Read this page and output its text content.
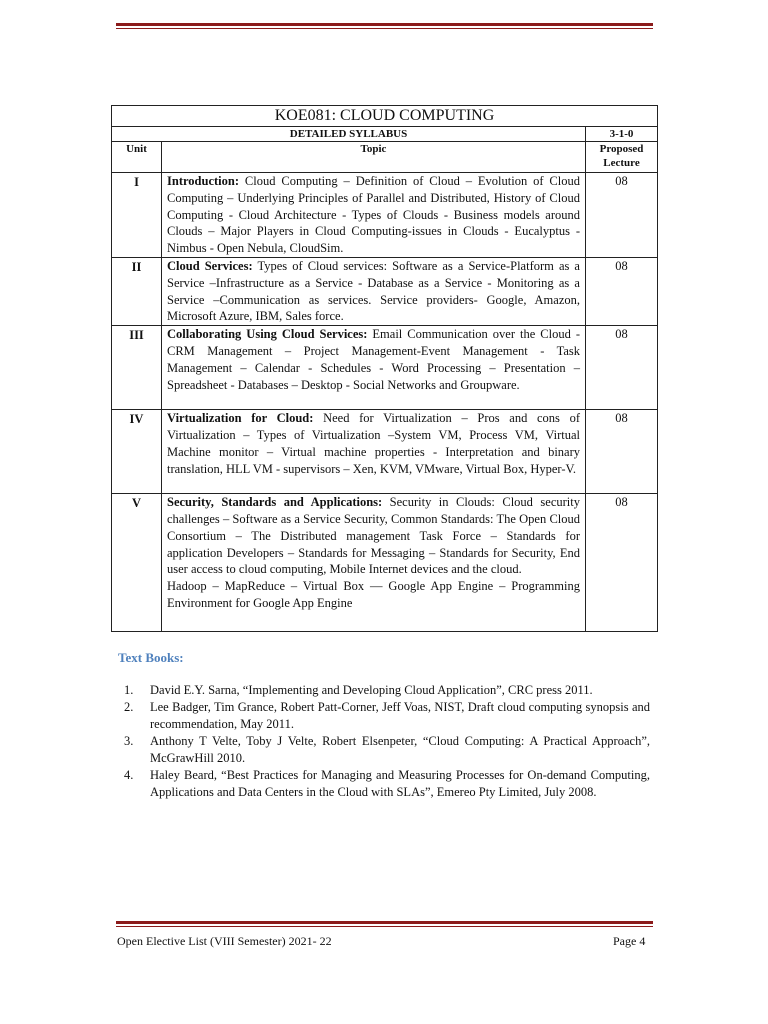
KOE081: CLOUD COMPUTING		
DETAILED SYLLABUS		3-1-0
Unit	Topic	Proposed
Lecture

I	Introduction: Cloud Computing – Definition of Cloud – Evolution of Cloud Computing – Underlying Principles of Parallel and Distributed, History of Cloud Computing - Cloud Architecture - Types of Clouds - Business models around Clouds – Major Players in Cloud Computing-issues in Clouds - Eucalyptus - Nimbus - Open Nebula, CloudSim.	08
II	Cloud Services: Types of Cloud services: Software as a Service-Platform as a Service –Infrastructure as a Service - Database as a Service - Monitoring as a Service –Communication as services. Service providers- Google, Amazon, Microsoft Azure, IBM, Sales force.	08
III	Collaborating Using Cloud Services: Email Communication over the Cloud - CRM Management – Project Management-Event Management - Task Management – Calendar - Schedules - Word Processing – Presentation – Spreadsheet - Databases – Desktop - Social Networks and Groupware.	08
IV	Virtualization for Cloud: Need for Virtualization – Pros and cons of Virtualization – Types of Virtualization –System VM, Process VM, Virtual Machine monitor – Virtual machine properties - Interpretation and binary translation, HLL VM - supervisors – Xen, KVM, VMware, Virtual Box, Hyper-V.	08
V	Security, Standards and Applications: Security in Clouds: Cloud security challenges – Software as a Service Security, Common Standards: The Open Cloud Consortium – The Distributed management Task Force – Standards for application Developers – Standards for Messaging – Standards for Security, End user access to cloud computing, Mobile Internet devices and the cloud.
Hadoop – MapReduce – Virtual Box — Google App Engine – Programming Environment for Google App Engine	08
Text Books:
1. David E.Y. Sarna, “Implementing and Developing Cloud Application”, CRC press 2011.
2. Lee Badger, Tim Grance, Robert Patt-Corner, Jeff Voas, NIST, Draft cloud computing synopsis and recommendation, May 2011.
3. Anthony T Velte, Toby J Velte, Robert Elsenpeter, “Cloud Computing: A Practical Approach”, McGrawHill 2010.
4. Haley Beard, “Best Practices for Managing and Measuring Processes for On-demand Computing, Applications and Data Centers in the Cloud with SLAs”, Emereo Pty Limited, July 2008.
Open Elective List (VIII Semester) 2021- 22	Page 4
